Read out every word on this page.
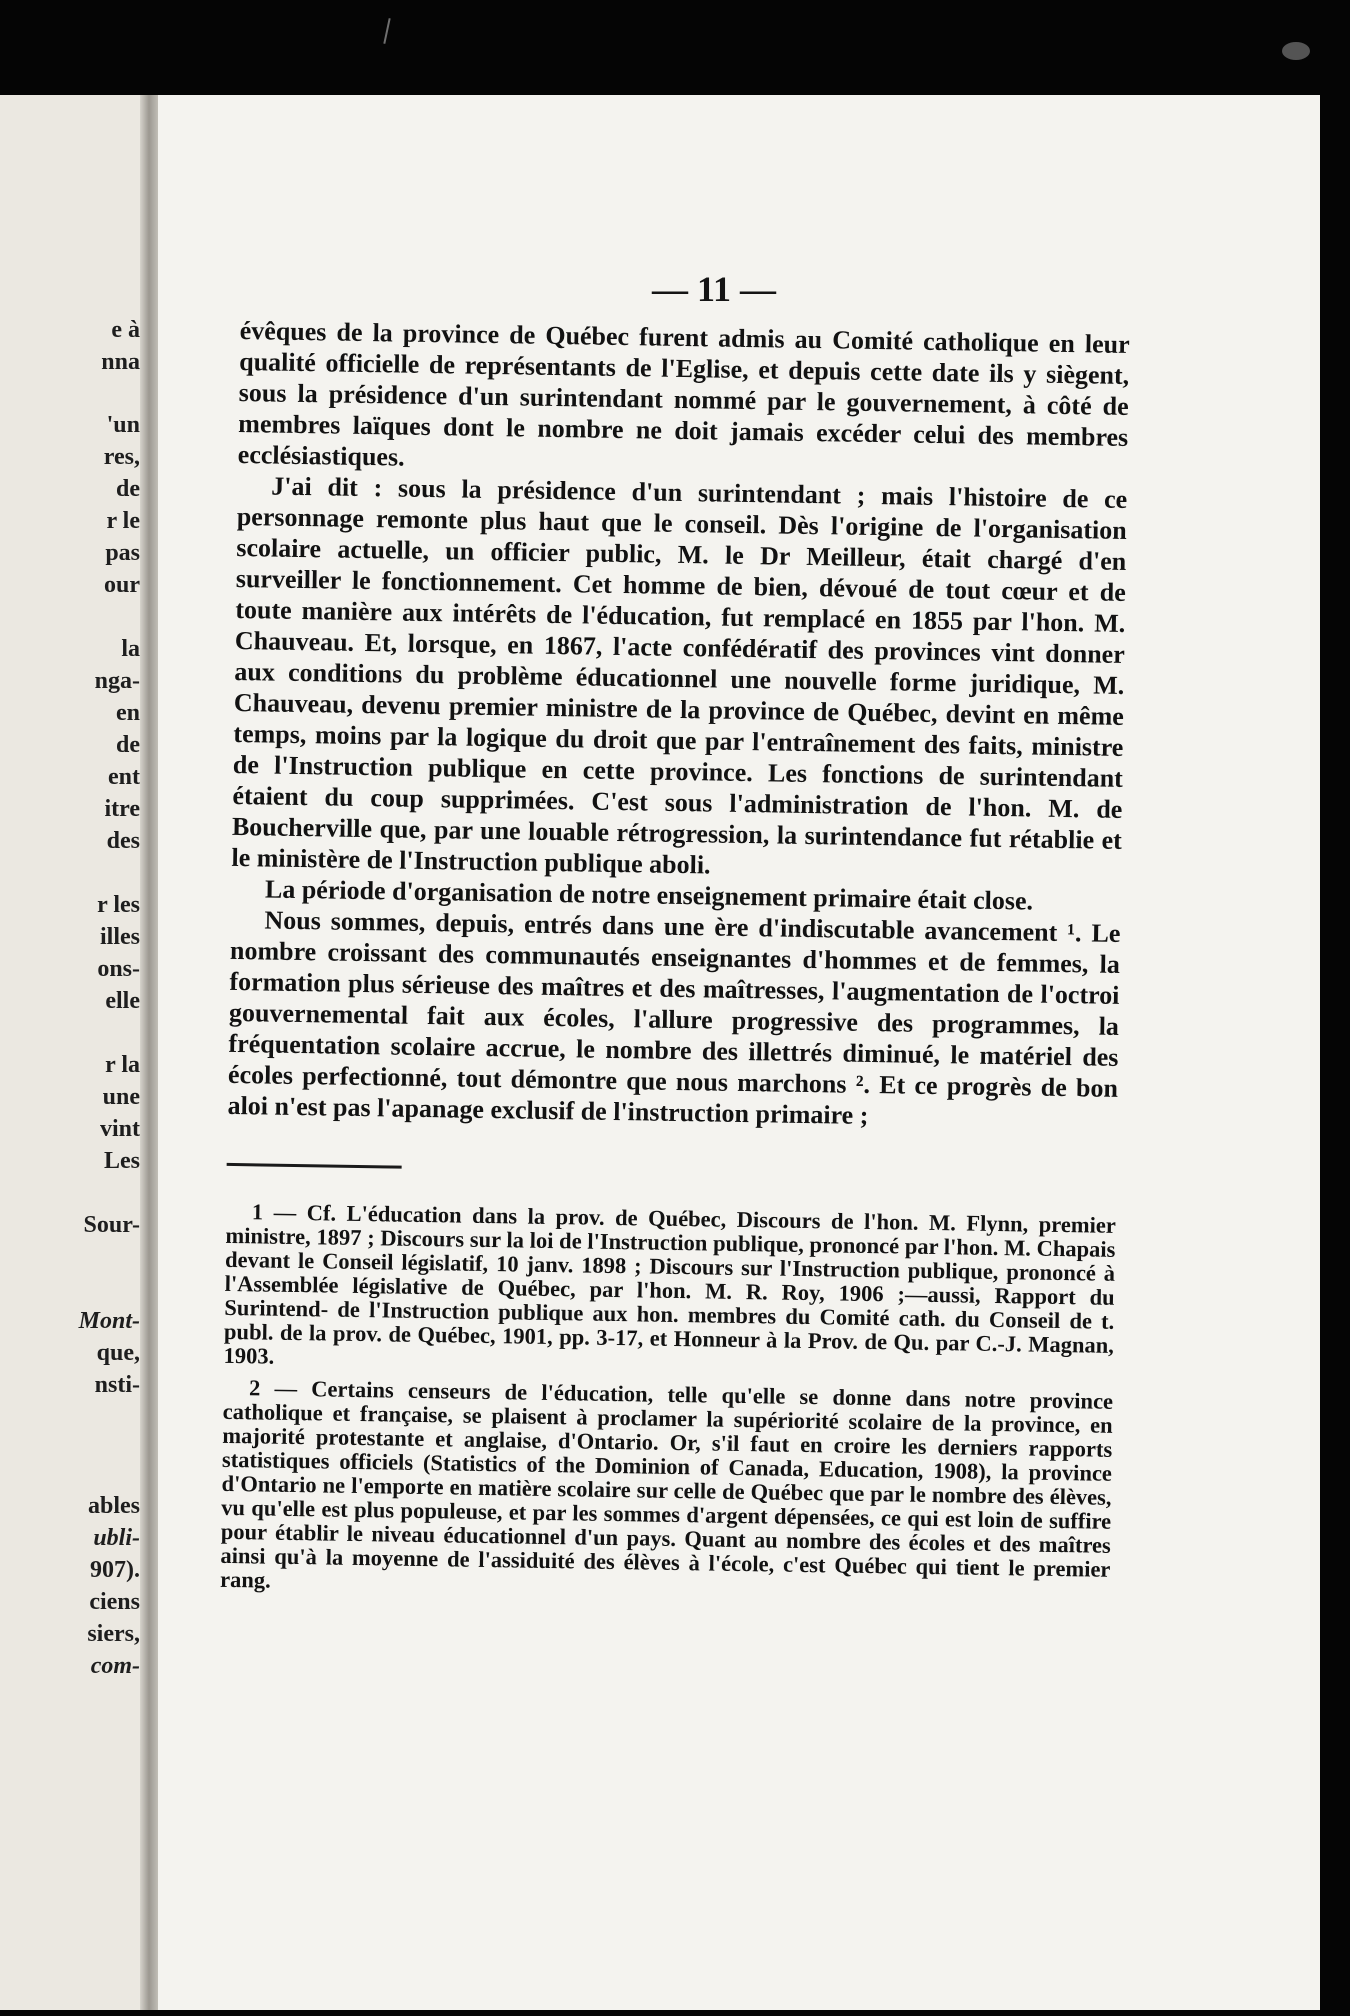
e à

nna

'un

res,

de

r le

pas

our

la

nga-

en

de

ent

itre

des

r les

illes

ons-

elle

r la

une

vint

Les

Sour-

Mont-

que,

nsti-

ables

ubli-

907).

ciens

siers,

com-

— 11 —

évêques de la province de Québec furent admis au Comité catholique en leur qualité officielle de représentants de l'Eglise, et depuis cette date ils y siègent, sous la présidence d'un surintendant nommé par le gouvernement, à côté de membres laïques dont le nombre ne doit jamais excéder celui des membres ecclésiastiques.

J'ai dit : sous la présidence d'un surintendant ; mais l'histoire de ce personnage remonte plus haut que le conseil. Dès l'origine de l'organisation scolaire actuelle, un officier public, M. le Dr Meilleur, était chargé d'en surveiller le fonctionnement. Cet homme de bien, dévoué de tout cœur et de toute manière aux intérêts de l'éducation, fut remplacé en 1855 par l'hon. M. Chauveau. Et, lorsque, en 1867, l'acte confédératif des provinces vint donner aux conditions du problème éducationnel une nouvelle forme juridique, M. Chauveau, devenu premier ministre de la province de Québec, devint en même temps, moins par la logique du droit que par l'entraînement des faits, ministre de l'Instruction publique en cette province. Les fonctions de surintendant étaient du coup supprimées. C'est sous l'administration de l'hon. M. de Boucherville que, par une louable rétrogression, la surintendance fut rétablie et le ministère de l'Instruction publique aboli.

La période d'organisation de notre enseignement primaire était close.

Nous sommes, depuis, entrés dans une ère d'indiscutable avancement ¹. Le nombre croissant des communautés enseignantes d'hommes et de femmes, la formation plus sérieuse des maîtres et des maîtresses, l'augmentation de l'octroi gouvernemental fait aux écoles, l'allure progressive des programmes, la fréquentation scolaire accrue, le nombre des illettrés diminué, le matériel des écoles perfectionné, tout démontre que nous marchons ². Et ce progrès de bon aloi n'est pas l'apanage exclusif de l'instruction primaire ;

1 — Cf. L'éducation dans la prov. de Québec, Discours de l'hon. M. Flynn, premier ministre, 1897 ; Discours sur la loi de l'Instruction publique, prononcé par l'hon. M. Chapais devant le Conseil législatif, 10 janv. 1898 ; Discours sur l'Instruction publique, prononcé à l'Assemblée législative de Québec, par l'hon. M. R. Roy, 1906 ;—aussi, Rapport du Surintend- de l'Instruction publique aux hon. membres du Comité cath. du Conseil de t. publ. de la prov. de Québec, 1901, pp. 3-17, et Honneur à la Prov. de Qu. par C.-J. Magnan, 1903.

2 — Certains censeurs de l'éducation, telle qu'elle se donne dans notre province catholique et française, se plaisent à proclamer la supériorité scolaire de la province, en majorité protestante et anglaise, d'Ontario. Or, s'il faut en croire les derniers rapports statistiques officiels (Statistics of the Dominion of Canada, Education, 1908), la province d'Ontario ne l'emporte en matière scolaire sur celle de Québec que par le nombre des élèves, vu qu'elle est plus populeuse, et par les sommes d'argent dépensées, ce qui est loin de suffire pour établir le niveau éducationnel d'un pays. Quant au nombre des écoles et des maîtres ainsi qu'à la moyenne de l'assiduité des élèves à l'école, c'est Québec qui tient le premier rang.
